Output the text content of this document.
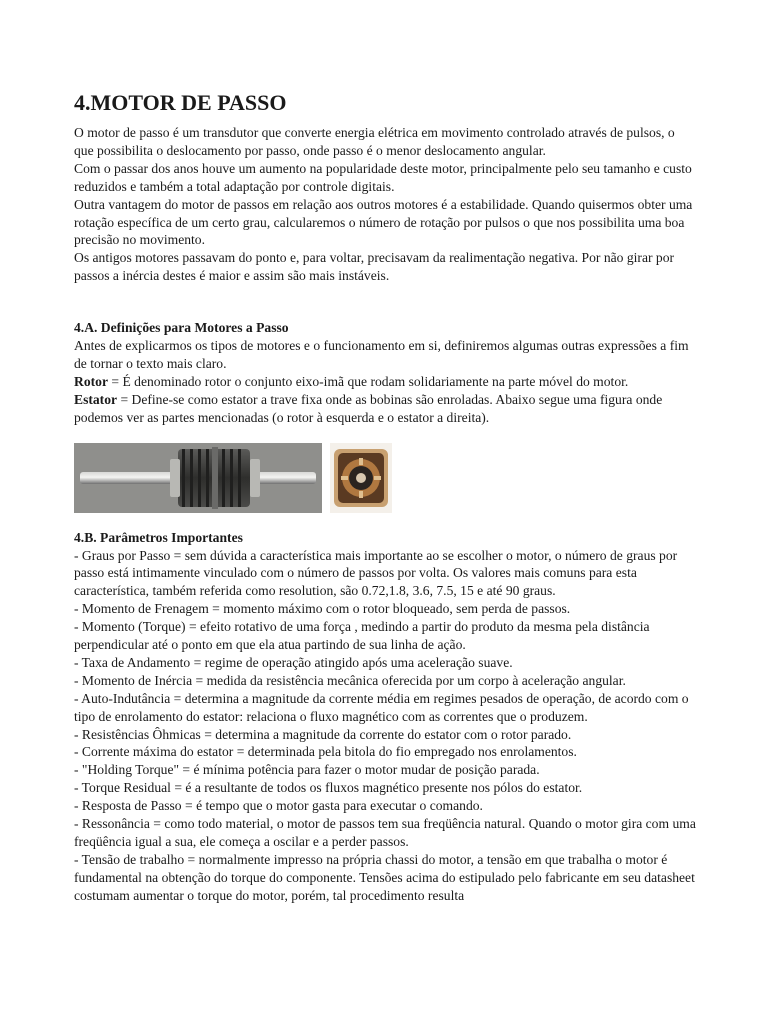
4.MOTOR DE PASSO

O motor de passo é um transdutor que converte energia elétrica em movimento controlado através de pulsos, o que possibilita o deslocamento por passo, onde passo é o menor deslocamento angular.

Com o passar dos anos houve um aumento na popularidade deste motor, principalmente pelo seu tamanho e custo reduzidos e também a total adaptação por controle digitais.

Outra vantagem do motor de passos em relação aos outros motores é a estabilidade. Quando quisermos obter uma rotação específica de um certo grau, calcularemos o número de rotação por pulsos o que nos possibilita uma boa precisão no movimento.

Os antigos motores passavam do ponto e, para voltar, precisavam da realimentação negativa. Por não girar por passos a inércia destes é maior e assim são mais instáveis.

4.A. Definições para Motores a Passo

Antes de explicarmos os tipos de motores e o funcionamento em si, definiremos algumas outras expressões a fim de tornar o texto mais claro.

Rotor = É denominado rotor o conjunto eixo-imã que rodam solidariamente na parte móvel do motor.

Estator = Define-se como estator a trave fixa onde as bobinas são enroladas. Abaixo segue uma figura onde podemos ver as partes mencionadas (o rotor à esquerda e o estator a direita).

4.B. Parâmetros Importantes

- Graus por Passo = sem dúvida a característica mais importante ao se escolher o motor, o número de graus por passo está intimamente vinculado com o número de passos por volta. Os valores mais comuns para esta característica, também referida como resolution, são 0.72,1.8, 3.6, 7.5, 15 e até 90 graus.

- Momento de Frenagem = momento máximo com o rotor bloqueado, sem perda de passos.

- Momento (Torque) = efeito rotativo de uma força , medindo a partir do produto da mesma pela distância perpendicular até o ponto em que ela atua partindo de sua linha de ação.

- Taxa de Andamento = regime de operação atingido após uma aceleração suave.

- Momento de Inércia = medida da resistência mecânica oferecida por um corpo à aceleração angular.

- Auto-Indutância = determina a magnitude da corrente média em regimes pesados de operação, de acordo com o tipo de enrolamento do estator: relaciona o fluxo magnético com as correntes que o produzem.

- Resistências Ôhmicas = determina a magnitude da corrente do estator com o rotor parado.

- Corrente máxima do estator = determinada pela bitola do fio empregado nos enrolamentos.

- "Holding Torque" = é mínima potência para fazer o motor mudar de posição parada.

- Torque Residual = é a resultante de todos os fluxos magnético presente nos pólos do estator.

- Resposta de Passo = é tempo que o motor gasta para executar o comando.

- Ressonância = como todo material, o motor de passos tem sua freqüência natural. Quando o motor gira com uma freqüência igual a sua, ele começa a oscilar e a perder passos.

- Tensão de trabalho = normalmente impresso na própria chassi do motor, a tensão em que trabalha o motor é fundamental na obtenção do torque do componente. Tensões acima do estipulado pelo fabricante em seu datasheet costumam aumentar o torque do motor, porém, tal procedimento resulta
